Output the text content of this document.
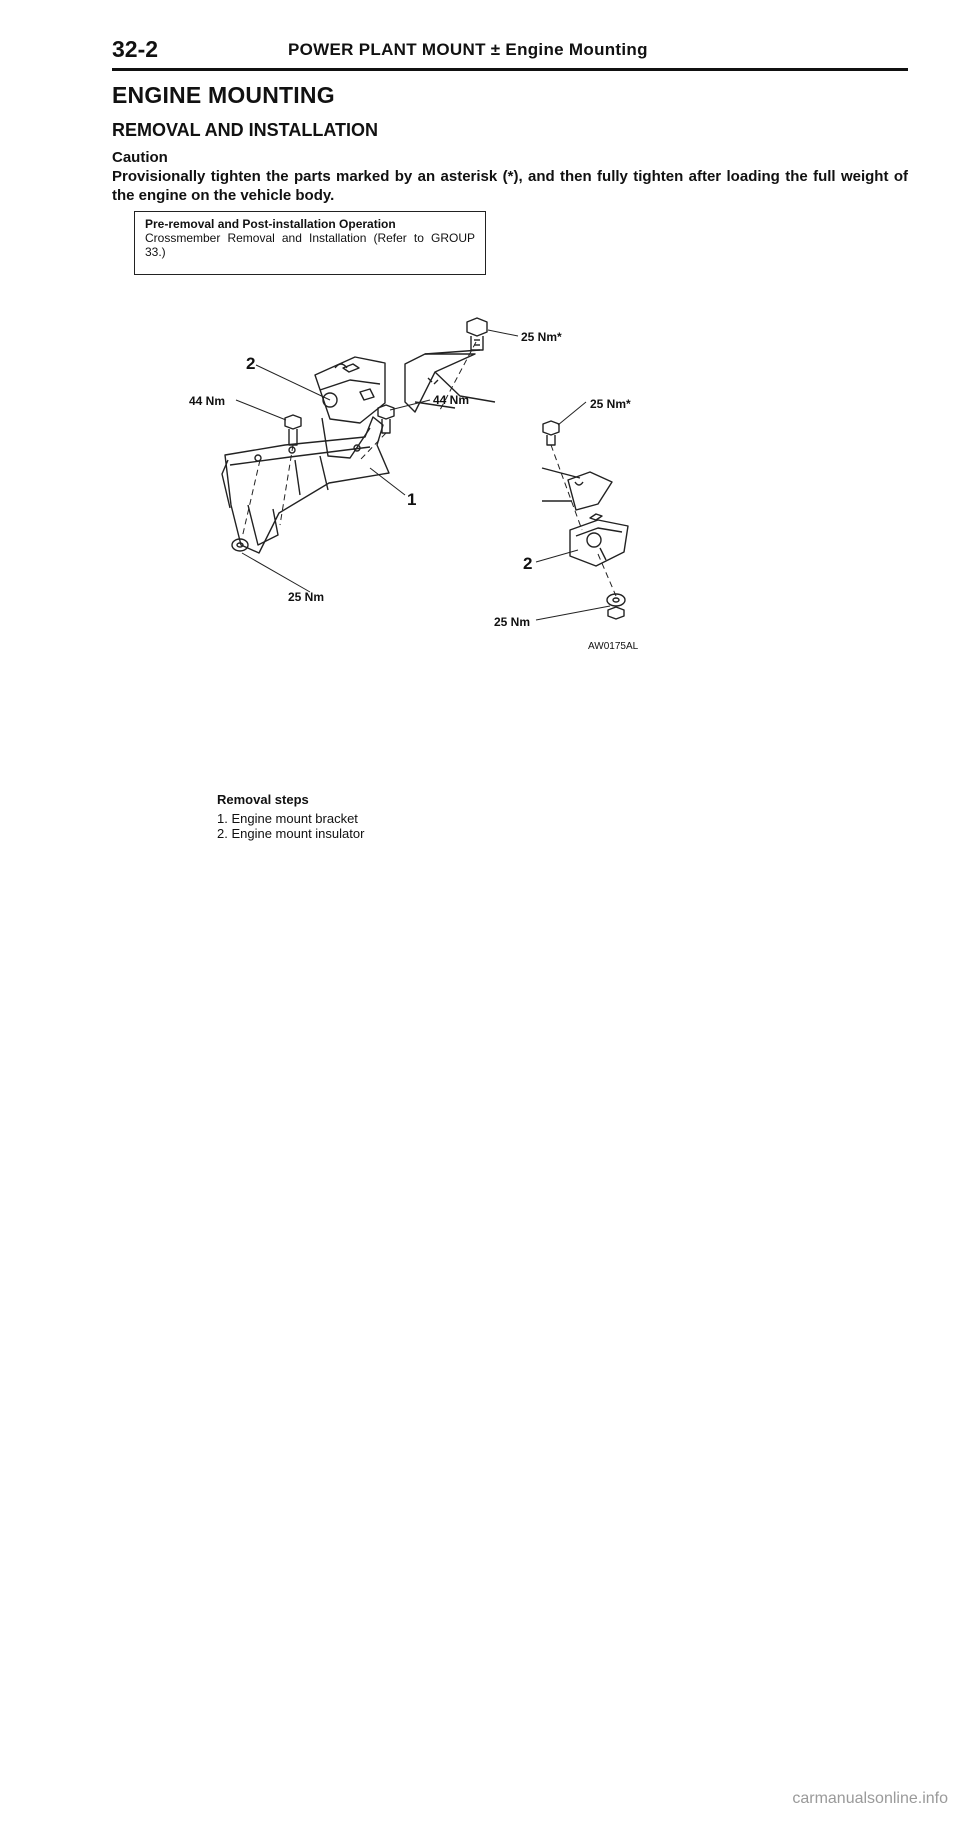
32-2	POWER PLANT MOUNT ± Engine Mounting
ENGINE MOUNTING
REMOVAL AND INSTALLATION
Caution
Provisionally tighten the parts marked by an asterisk (*), and then fully tighten after loading the full weight of the engine on the vehicle body.
Pre-removal and Post-installation Operation
Crossmember Removal and Installation (Refer to GROUP 33.)
25 Nm*
44 Nm	44 Nm	25 Nm*
25 Nm
25 Nm
2
1
2
AW0175AL
Removal steps
1. Engine mount bracket
2. Engine mount insulator
carmanualsonline.info
